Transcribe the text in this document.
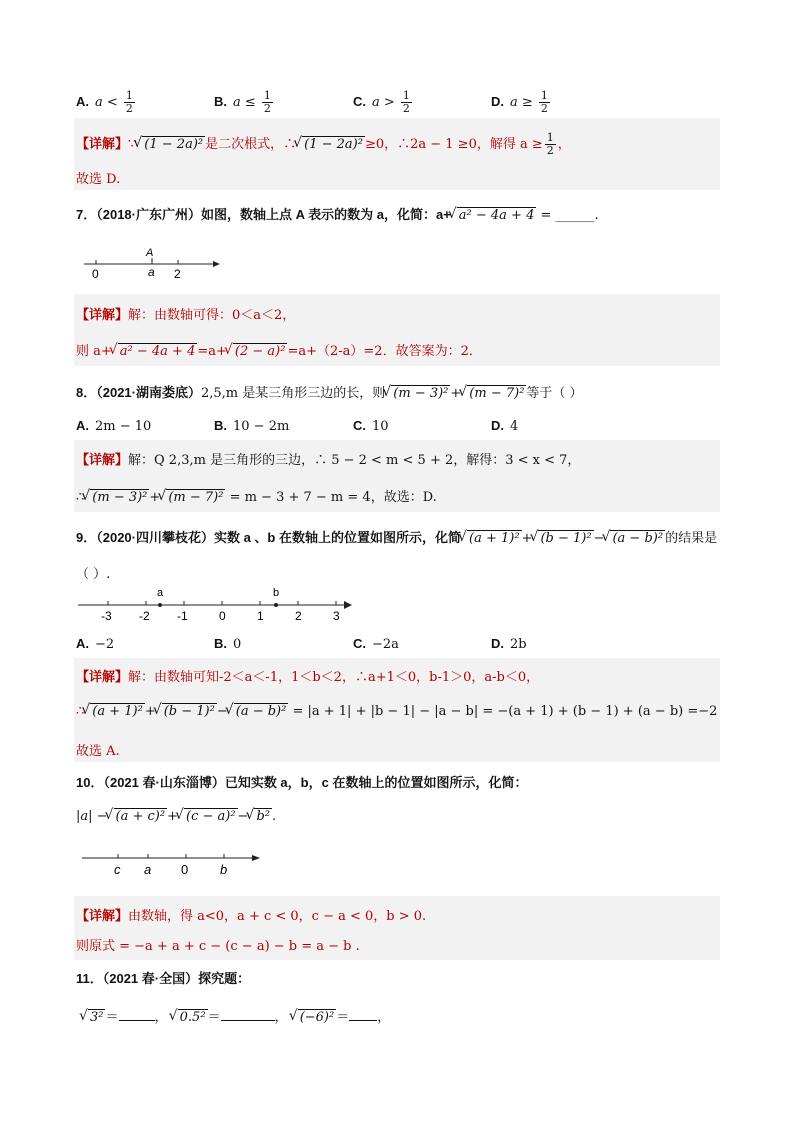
A. $a < \frac{1}{2}$	B. $a \le \frac{1}{2}$	C. $a > \frac{1}{2}$	D. $a \ge \frac{1}{2}$
【详解】∵ √ (1 − 2a)² 是二次根式，∴ √ (1 − 2a)² ≥0，∴2a − 1 ≥0，解得 $a \ge \frac{1}{2}$ ，
故选 D.
7．（2018·广东广州）如图，数轴上点 A 表示的数为 a，化简：a+ √ a² − 4a + 4 = ______.
0
A
a 2
【详解】解：由数轴可得：0＜a＜2，
则 a+ √ a² − 4a + 4 =a+ √ (2 − a)² =a+（2-a）=2．故答案为：2．
8．（2021·湖南娄底）2,5,m 是某三角形三边的长，则 √ (m − 3)² + √ (m − 7)² 等于（ ）
A. 2m − 10	B. 10 − 2m	C. 10	D. 4
【详解】解：Q 2,3,m 是三角形的三边，∴ 5 − 2 < m < 5 + 2，解得：3 < x < 7，
∴ √ (m − 3)² + √ (m − 7)² = m − 3 + 7 − m = 4，故选：D.
9．（2020·四川攀枝花）实数 a 、b 在数轴上的位置如图所示，化简 √ (a + 1)² + √ (b − 1)² − √ (a − b)² 的结果是
（ ）.
a	b
-3 -2 -1	0	1	2	3
A. −2	B. 0	C. −2a	D. 2b
【详解】解：由数轴可知-2＜a＜-1，1＜b＜2，∴a+1＜0，b-1＞0，a-b＜0，
∴ √ (a + 1)² + √ (b − 1)² − √ (a − b)² = |a + 1| + |b − 1| − |a − b| = −(a + 1) + (b − 1) + (a − b) =−2
故选 A.
10．（2021 春·山东淄博）已知实数 a，b，c 在数轴上的位置如图所示，化简：
|a| − √ (a + c)² + √ (c − a)² − √ b² .
c a 0 b
【详解】由数轴，得 a<0，a + c < 0，c − a < 0，b > 0.
则原式 = −a + a + c − (c − a) − b = a − b .
11．（2021 春·全国）探究题：
√ 3² ＝	， √ 0.5² ＝	， √ (−6)² ＝ ，
